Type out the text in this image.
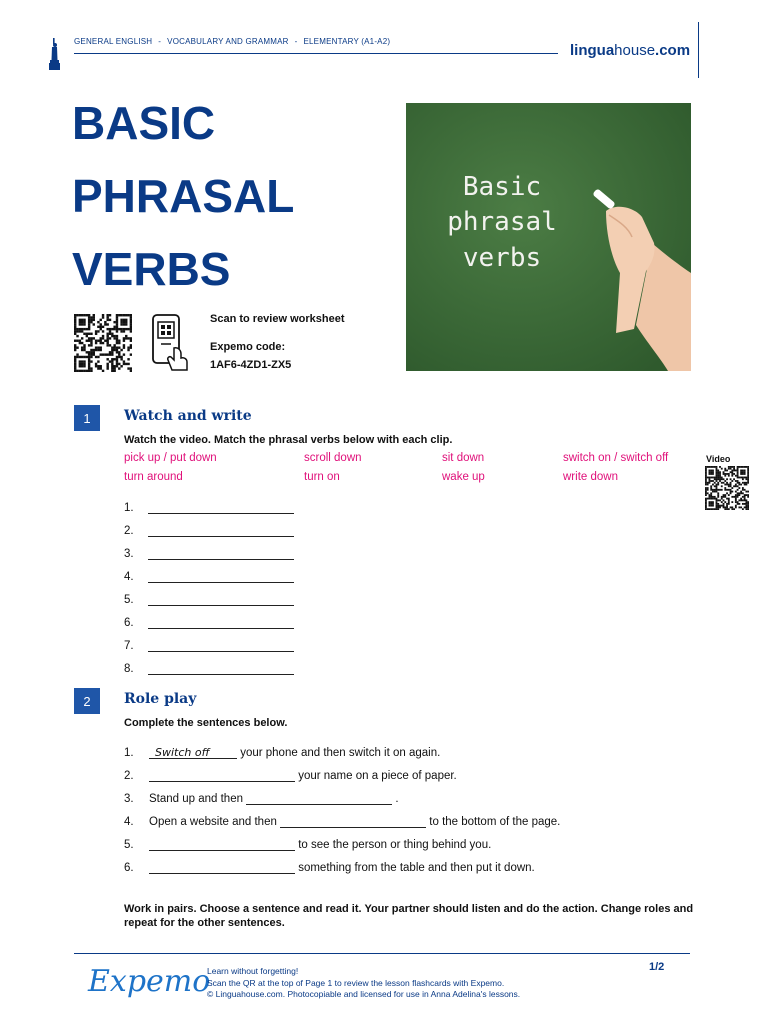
GENERAL ENGLISH - VOCABULARY AND GRAMMAR - ELEMENTARY (A1-A2)
linguahouse.com
BASIC
PHRASAL
VERBS
Basic
phrasal
verbs
Scan to review worksheet
Expemo code:
1AF6-4ZD1-ZX5
1	Watch and write
Watch the video. Match the phrasal verbs below with each clip.
pick up / put down	scroll down	sit down	switch on / switch off
turn around	turn on	wake up	write down
Video
1.
2.
3.
4.
5.
6.
7.
8.
2	Role play
Complete the sentences below.
1. Switch off	your phone and then switch it on again.
2.	your name on a piece of paper.
3. Stand up and then	.
4. Open a website and then	to the bottom of the page.
5.	to see the person or thing behind you.
6.	something from the table and then put it down.
Work in pairs. Choose a sentence and read it. Your partner should listen and do the action. Change roles and repeat for the other sentences.
Expemo
Learn without forgetting!
Scan the QR at the top of Page 1 to review the lesson flashcards with Expemo.
© Linguahouse.com. Photocopiable and licensed for use in Anna Adelina's lessons.
1/2
